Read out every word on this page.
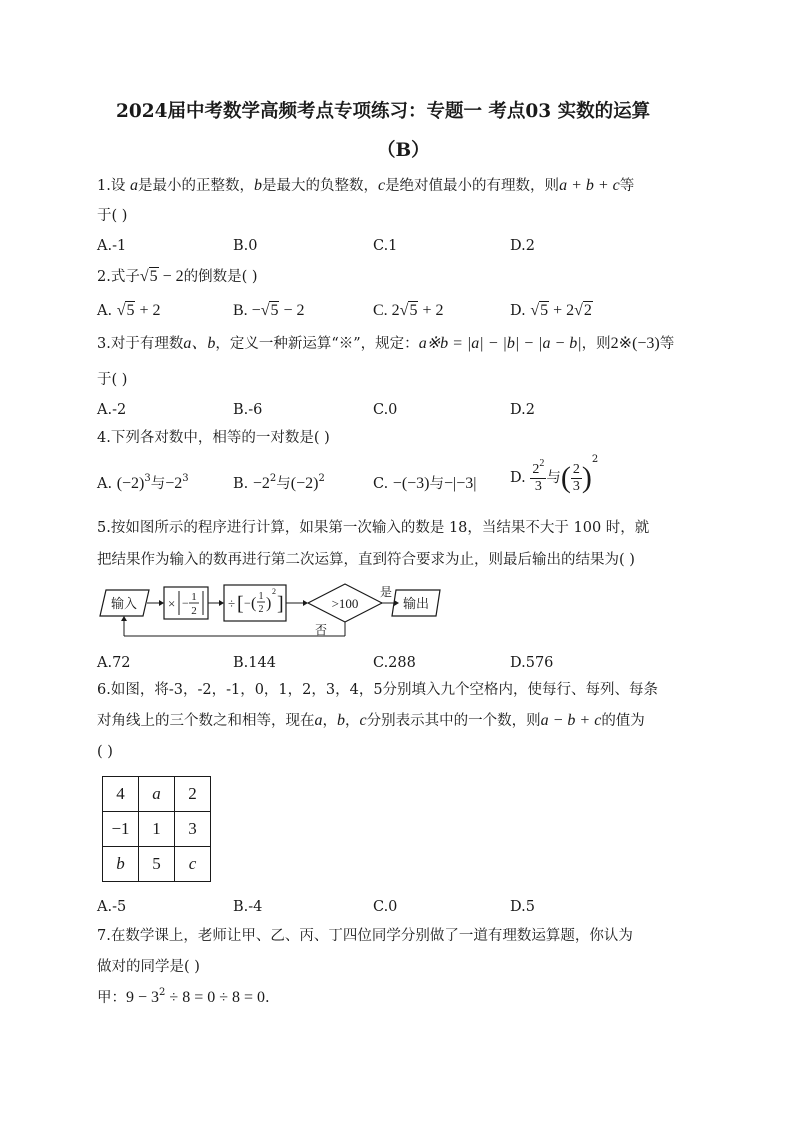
2024届中考数学高频考点专项练习：专题一 考点03 实数的运算
（B）
1.设 a是最小的正整数，b是最大的负整数，c是绝对值最小的有理数，则a + b + c等
于( )
A.-1	B.0	C.1	D.2
2.式子√5 − 2的倒数是( )
A. √5 + 2	B. −√5 − 2	C. 2√5 + 2	D. √5 + 2√2
3.对于有理数a、b，定义一种新运算“※”，规定：a※b = |a| − |b| − |a − b|，则2※(−3)等
于( )
A.-2	B.-6	C.0	D.2
4.下列各对数中，相等的一对数是( )
A. $(-2)^3$与$-2^3$	B. $-2^2$与$(-2)^2$	C. −(−3)与−|−3| D. $\frac{2^2}{3}$ 与( $\frac{2}{3} )^2$
5.按如图所示的程序进行计算，如果第一次输入的数是 18，当结果不大于 100 时，就
把结果作为输入的数再进行第二次运算，直到符合要求为止，则最后输出的结果为( )
输入 × − 1
2 ÷ [ − ( 1
2 )
2
]	>100
是
输出
否
A.72	B.144	C.288	D.576
6.如图，将-3，-2，-1，0，1，2，3，4，5分别填入九个空格内，使每行、每列、每条
对角线上的三个数之和相等，现在a，b，c分别表示其中的一个数，则a − b + c的值为
( )
4	a	2
−1	1	3
b	5	c
A.-5	B.-4	C.0	D.5
7.在数学课上，老师让甲、乙、丙、丁四位同学分别做了一道有理数运算题，你认为
做对的同学是( )
甲：$9 - 3^2 \div 8 = 0 \div 8 = 0$.
